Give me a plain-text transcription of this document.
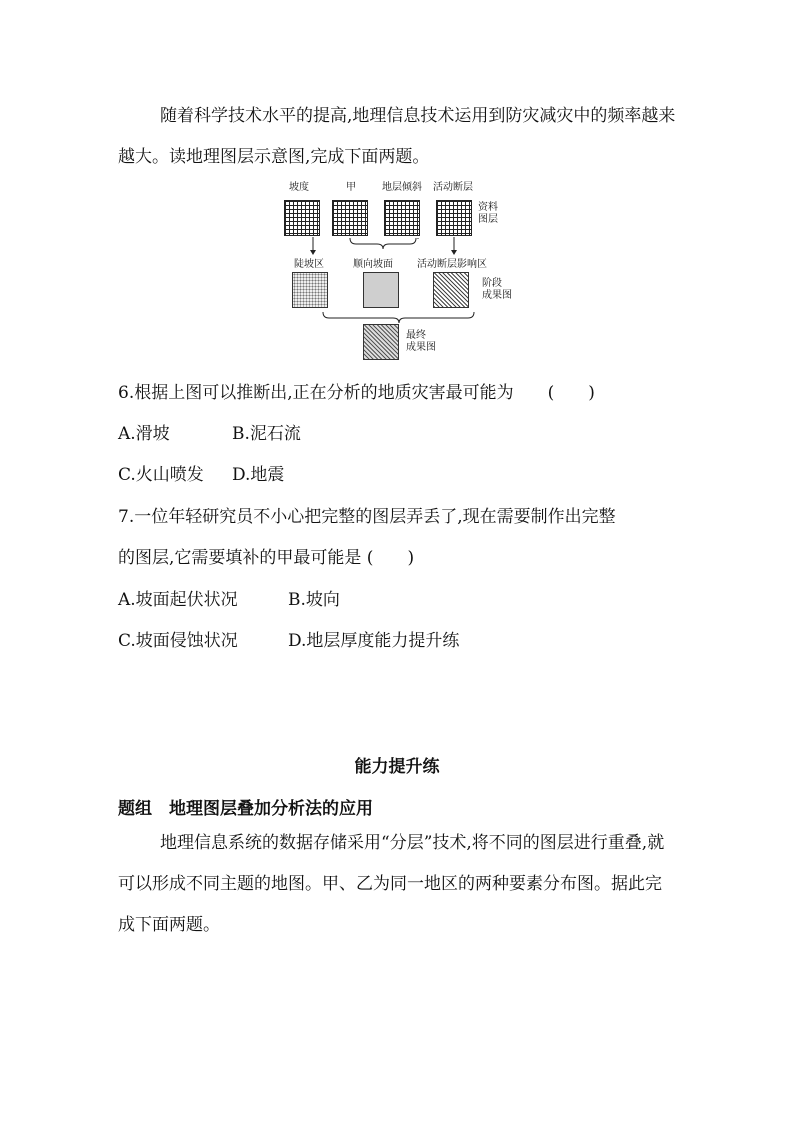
随着科学技术水平的提高,地理信息技术运用到防灾减灾中的频率越来越大。读地理图层示意图,完成下面两题。
坡度	甲	地层倾斜 活动断层
资料
图层
陡坡区	顺向坡面 活动断层影响区
阶段
成果图
最终
成果图
6.根据上图可以推断出,正在分析的地质灾害最可能为　　(　　)
A.滑坡	B.泥石流
C.火山喷发 D.地震
7.一位年轻研究员不小心把完整的图层弄丢了,现在需要制作出完整
的图层,它需要填补的甲最可能是 (　　)
A.坡面起伏状况	B.坡向
C.坡面侵蚀状况	D.地层厚度能力提升练
能力提升练
题组　地理图层叠加分析法的应用
地理信息系统的数据存储采用“分层”技术,将不同的图层进行重叠,就可以形成不同主题的地图。甲、乙为同一地区的两种要素分布图。据此完成下面两题。
